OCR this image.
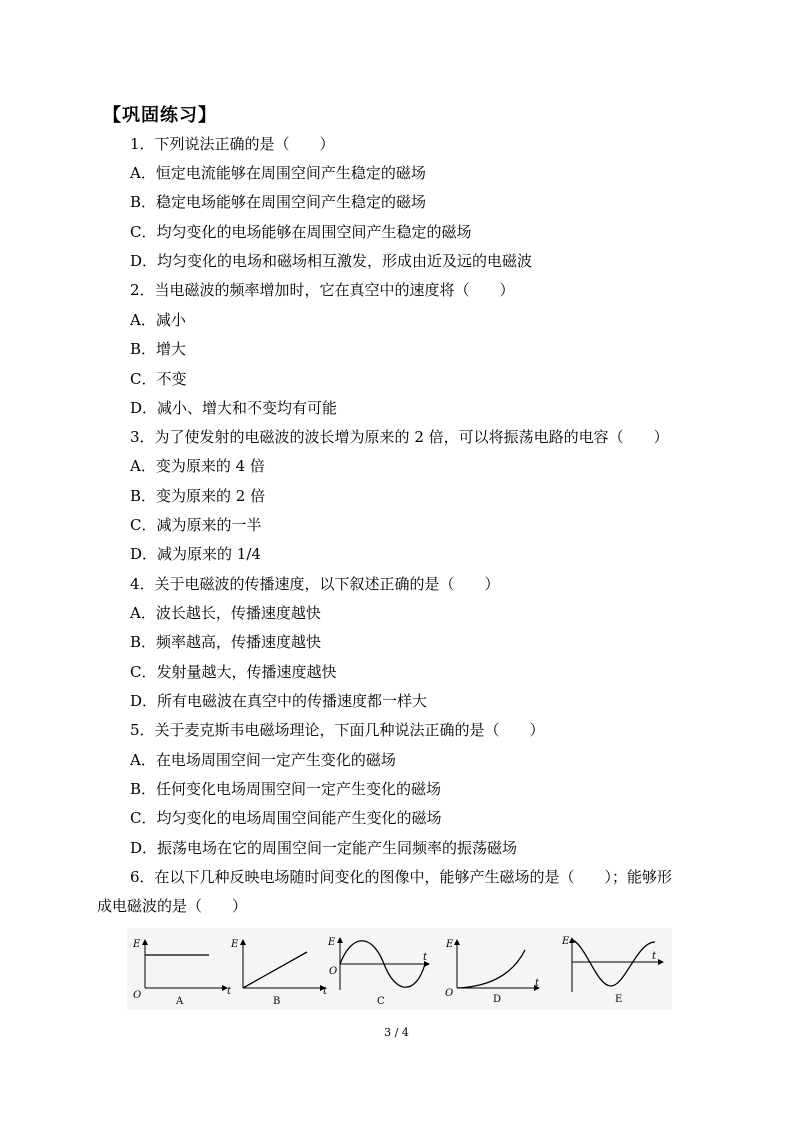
【巩固练习】
1．下列说法正确的是（　　）
A．恒定电流能够在周围空间产生稳定的磁场
B．稳定电场能够在周围空间产生稳定的磁场
C．均匀变化的电场能够在周围空间产生稳定的磁场
D．均匀变化的电场和磁场相互激发，形成由近及远的电磁波
2．当电磁波的频率增加时，它在真空中的速度将（　　）
A．减小
B．增大
C．不变
D．减小、增大和不变均有可能
3．为了使发射的电磁波的波长增为原来的 2 倍，可以将振荡电路的电容（　　）
A．变为原来的 4 倍
B．变为原来的 2 倍
C．减为原来的一半
D．减为原来的 1/4
4．关于电磁波的传播速度，以下叙述正确的是（　　）
A．波长越长，传播速度越快
B．频率越高，传播速度越快
C．发射量越大，传播速度越快
D．所有电磁波在真空中的传播速度都一样大
5．关于麦克斯韦电磁场理论，下面几种说法正确的是（　　）
A．在电场周围空间一定产生变化的磁场
B．任何变化电场周围空间一定产生变化的磁场
C．均匀变化的电场周围空间能产生变化的磁场
D．振荡电场在它的周围空间一定能产生同频率的振荡磁场
6．在以下几种反映电场随时间变化的图像中，能够产生磁场的是（　　）；能够形
成电磁波的是（　　）
E
t
O
A
E
t
B
E
t
O
C
E
t
O
D
E
t
E
3 / 4
